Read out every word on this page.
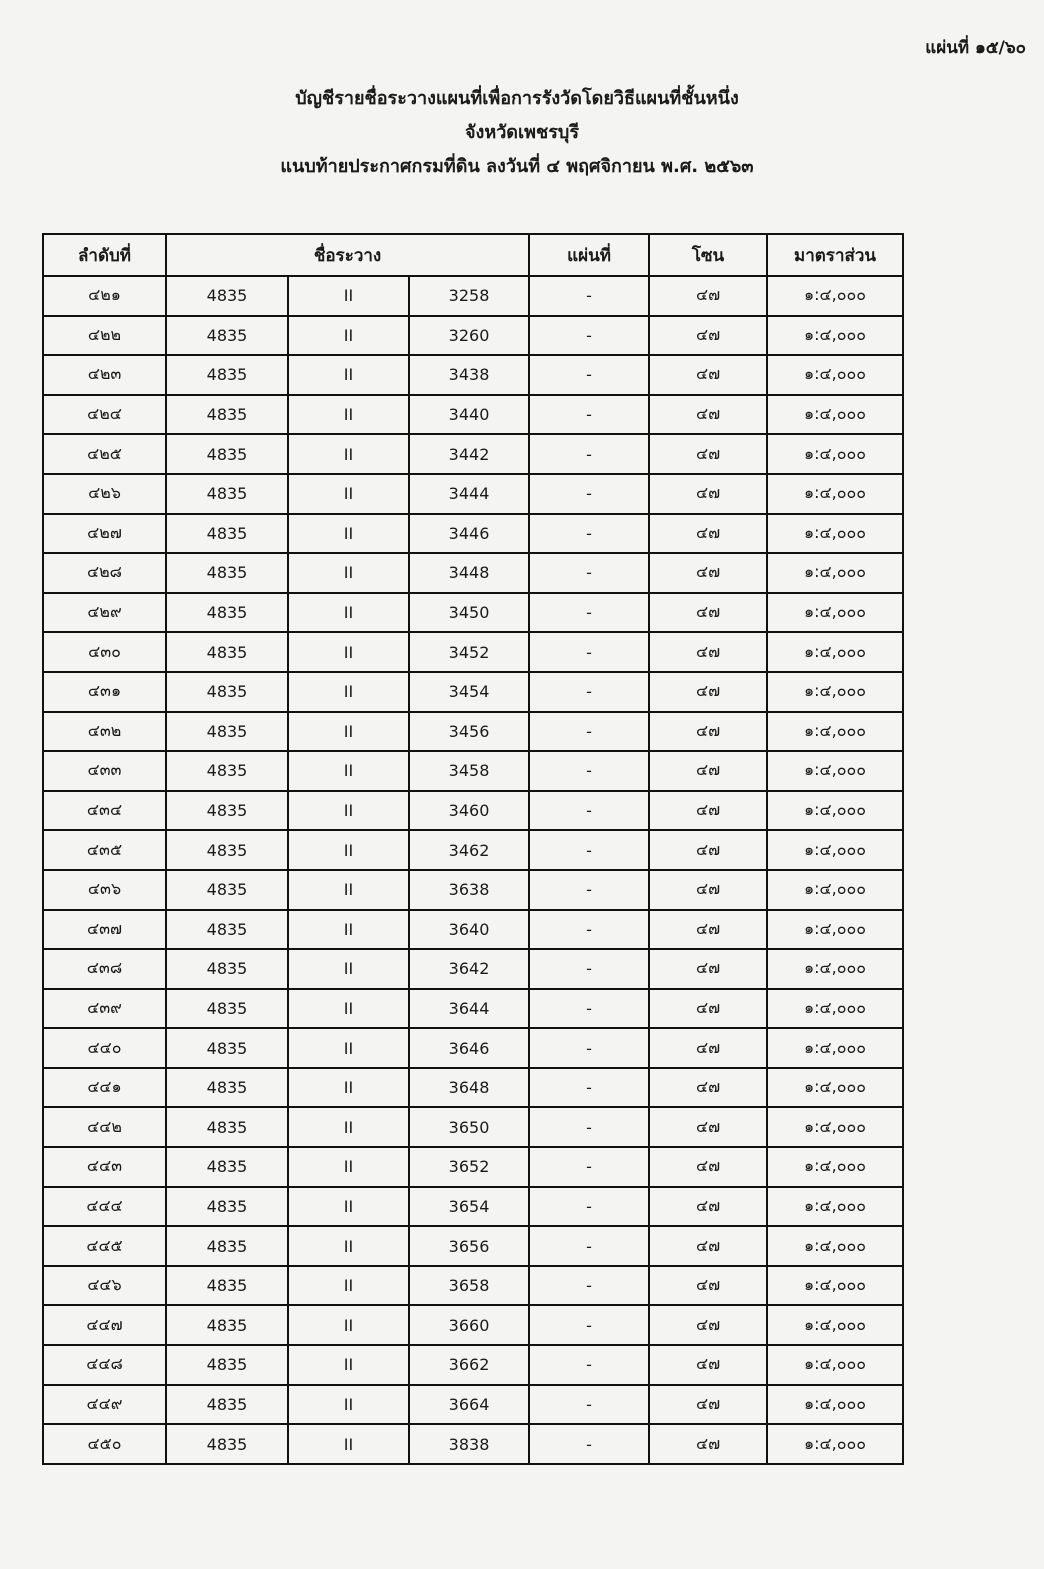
แผ่นที่ ๑๕/๖๐
บัญชีรายชื่อระวางแผนที่เพื่อการรังวัดโดยวิธีแผนที่ชั้นหนึ่ง
จังหวัดเพชรบุรี
แนบท้ายประกาศกรมที่ดิน ลงวันที่ ๔ พฤศจิกายน พ.ศ. ๒๕๖๓
ลำดับที่	ชื่อระวาง			แผ่นที่	โซน	มาตราส่วน
๔๒๑	4835	II	3258	-	๔๗	๑:๔,๐๐๐
๔๒๒	4835	II	3260	-	๔๗	๑:๔,๐๐๐
๔๒๓	4835	II	3438	-	๔๗	๑:๔,๐๐๐
๔๒๔	4835	II	3440	-	๔๗	๑:๔,๐๐๐
๔๒๕	4835	II	3442	-	๔๗	๑:๔,๐๐๐
๔๒๖	4835	II	3444	-	๔๗	๑:๔,๐๐๐
๔๒๗	4835	II	3446	-	๔๗	๑:๔,๐๐๐
๔๒๘	4835	II	3448	-	๔๗	๑:๔,๐๐๐
๔๒๙	4835	II	3450	-	๔๗	๑:๔,๐๐๐
๔๓๐	4835	II	3452	-	๔๗	๑:๔,๐๐๐
๔๓๑	4835	II	3454	-	๔๗	๑:๔,๐๐๐
๔๓๒	4835	II	3456	-	๔๗	๑:๔,๐๐๐
๔๓๓	4835	II	3458	-	๔๗	๑:๔,๐๐๐
๔๓๔	4835	II	3460	-	๔๗	๑:๔,๐๐๐
๔๓๕	4835	II	3462	-	๔๗	๑:๔,๐๐๐
๔๓๖	4835	II	3638	-	๔๗	๑:๔,๐๐๐
๔๓๗	4835	II	3640	-	๔๗	๑:๔,๐๐๐
๔๓๘	4835	II	3642	-	๔๗	๑:๔,๐๐๐
๔๓๙	4835	II	3644	-	๔๗	๑:๔,๐๐๐
๔๔๐	4835	II	3646	-	๔๗	๑:๔,๐๐๐
๔๔๑	4835	II	3648	-	๔๗	๑:๔,๐๐๐
๔๔๒	4835	II	3650	-	๔๗	๑:๔,๐๐๐
๔๔๓	4835	II	3652	-	๔๗	๑:๔,๐๐๐
๔๔๔	4835	II	3654	-	๔๗	๑:๔,๐๐๐
๔๔๕	4835	II	3656	-	๔๗	๑:๔,๐๐๐
๔๔๖	4835	II	3658	-	๔๗	๑:๔,๐๐๐
๔๔๗	4835	II	3660	-	๔๗	๑:๔,๐๐๐
๔๔๘	4835	II	3662	-	๔๗	๑:๔,๐๐๐
๔๔๙	4835	II	3664	-	๔๗	๑:๔,๐๐๐
๔๕๐	4835	II	3838	-	๔๗	๑:๔,๐๐๐
